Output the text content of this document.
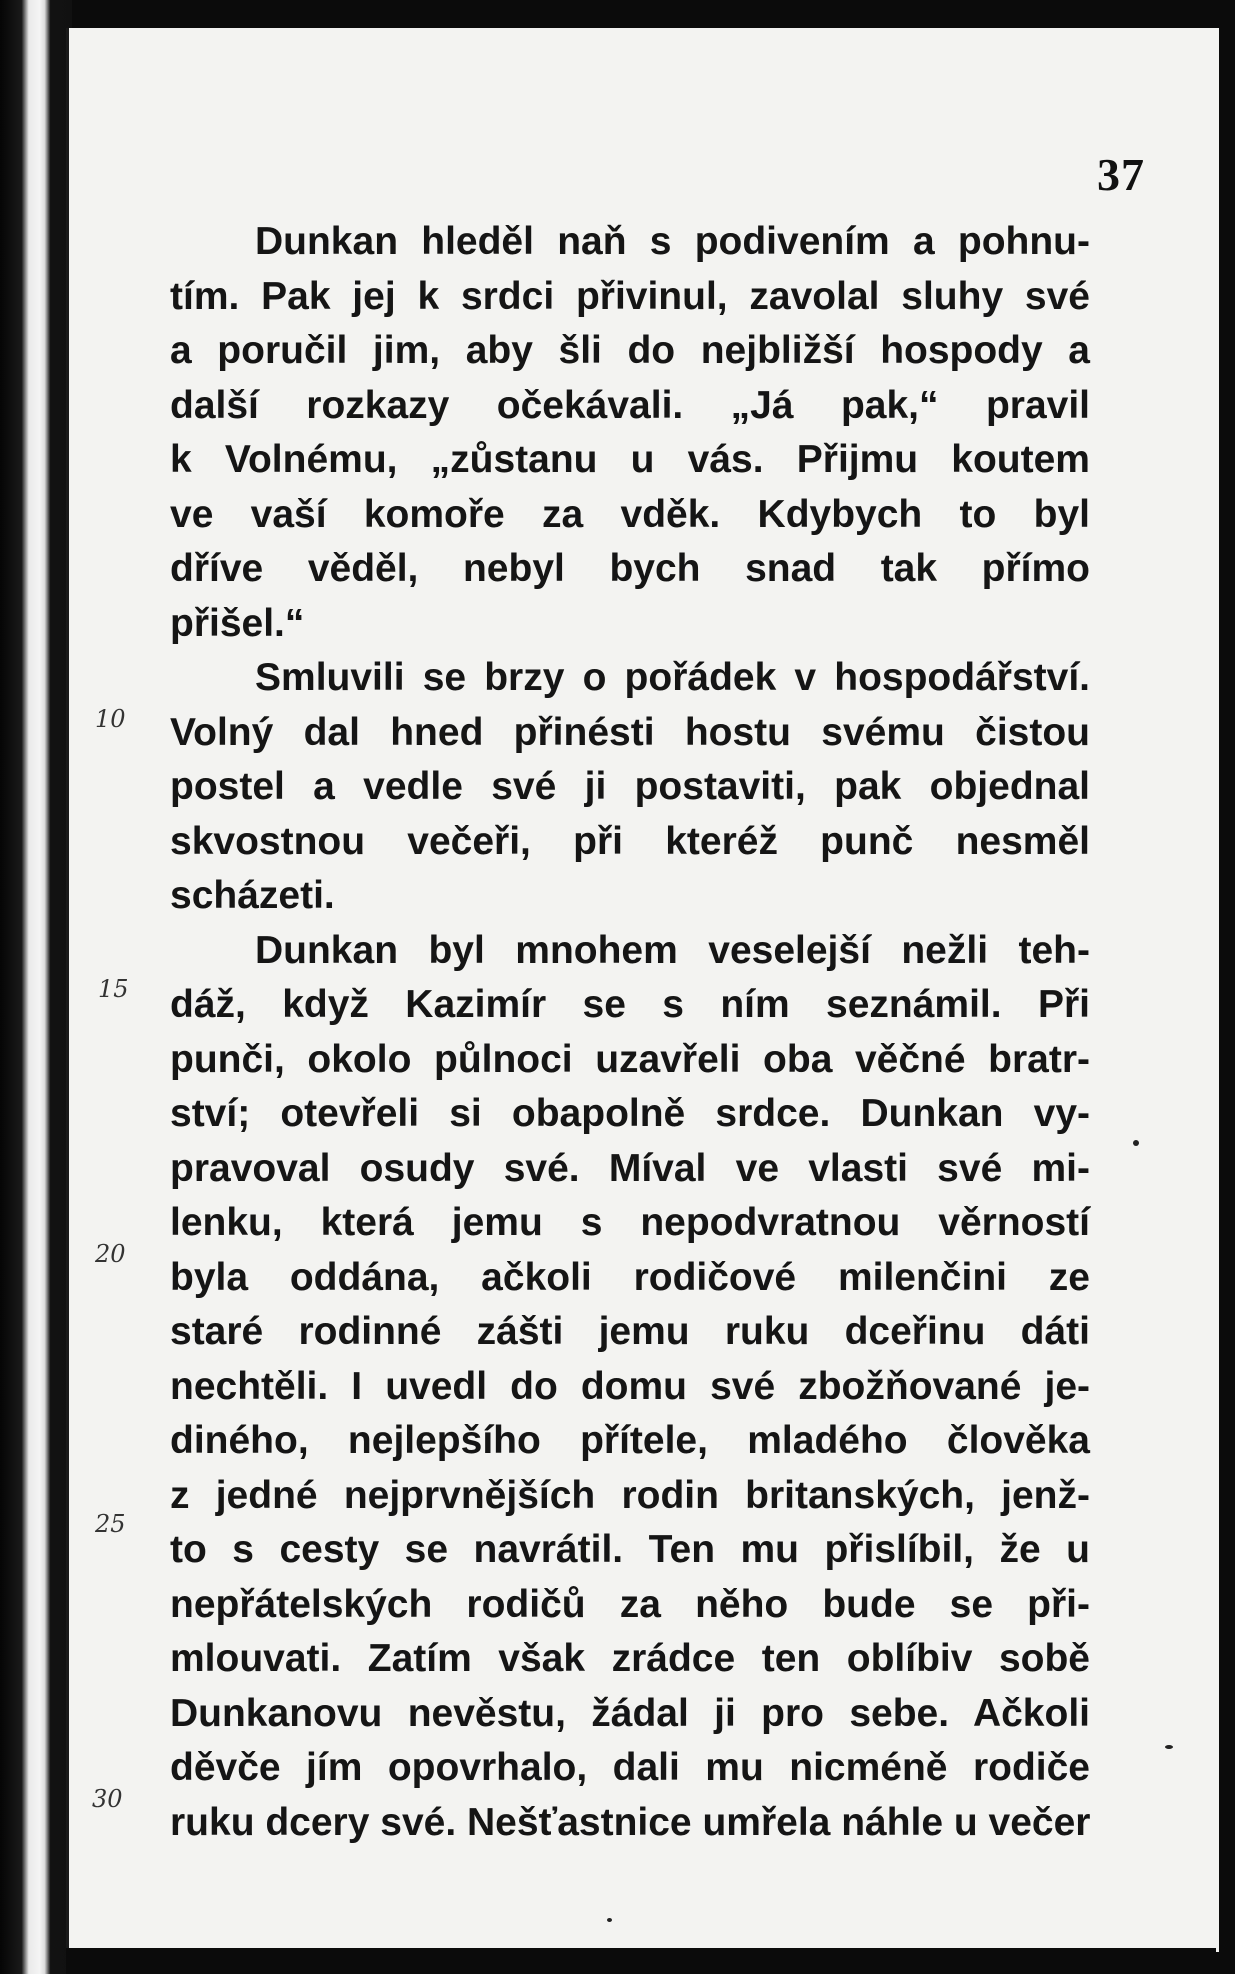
37
Dunkan hleděl naň s podivením a pohnu-
tím. Pak jej k srdci přivinul, zavolal sluhy své
a poručil jim, aby šli do nejbližší hospody a
další rozkazy očekávali. „Já pak,“ pravil
k Volnému, „zůstanu u vás. Přijmu koutem
ve vaší komoře za vděk. Kdybych to byl
dříve věděl, nebyl bych snad tak přímo
přišel.“
Smluvili se brzy o pořádek v hospodářství.
Volný dal hned přinésti hostu svému čistou
postel a vedle své ji postaviti, pak objednal
skvostnou večeři, při kteréž punč nesměl
scházeti.
Dunkan byl mnohem veselejší nežli teh-
dáž, když Kazimír se s ním seznámil. Při
punči, okolo půlnoci uzavřeli oba věčné bratr-
ství; otevřeli si obapolně srdce. Dunkan vy-
pravoval osudy své. Míval ve vlasti své mi-
lenku, která jemu s nepodvratnou věrností
byla oddána, ačkoli rodičové milenčini ze
staré rodinné zášti jemu ruku dceřinu dáti
nechtěli. I uvedl do domu své zbožňované je-
diného, nejlepšího přítele, mladého člověka
z jedné nejprvnějších rodin britanských, jenž-
to s cesty se navrátil. Ten mu přislíbil, že u
nepřátelských rodičů za něho bude se při-
mlouvati. Zatím však zrádce ten oblíbiv sobě
Dunkanovu nevěstu, žádal ji pro sebe. Ačkoli
děvče jím opovrhalo, dali mu nicméně rodiče
ruku dcery své. Nešťastnice umřela náhle u večer
10
15
20
25
30
